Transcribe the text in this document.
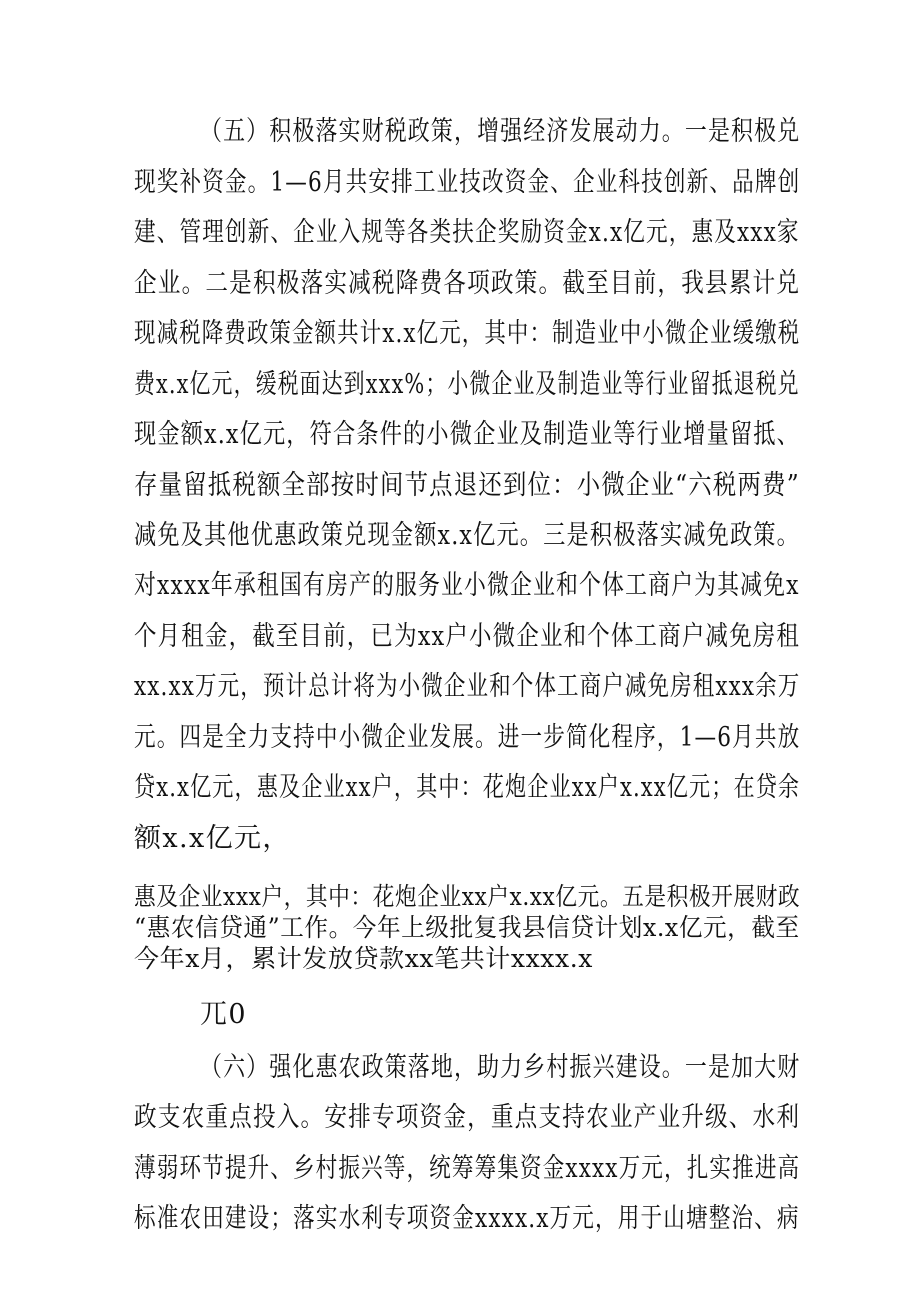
（五）积极落实财税政策，增强经济发展动力。一是积极兑
现奖补资金。1—6月共安排工业技改资金、企业科技创新、品牌创
建、管理创新、企业入规等各类扶企奖励资金x.x亿元，惠及xxx家
企业。二是积极落实减税降费各项政策。截至目前，我县累计兑
现减税降费政策金额共计x.x亿元，其中：制造业中小微企业缓缴税
费x.x亿元，缓税面达到xxx%；小微企业及制造业等行业留抵退税兑
现金额x.x亿元，符合条件的小微企业及制造业等行业增量留抵、
存量留抵税额全部按时间节点退还到位：小微企业“六税两费”
减免及其他优惠政策兑现金额x.x亿元。三是积极落实减免政策。
对xxxx年承租国有房产的服务业小微企业和个体工商户为其减免x
个月租金，截至目前，已为xx户小微企业和个体工商户减免房租
xx.xx万元，预计总计将为小微企业和个体工商户减免房租xxx余万
元。四是全力支持中小微企业发展。进一步简化程序，1—6月共放
贷x.x亿元，惠及企业xx户，其中：花炮企业xx户x.xx亿元；在贷余
额x.x亿元，
惠及企业xxx户，其中：花炮企业xx户x.xx亿元。五是积极开展财政
“惠农信贷通”工作。今年上级批复我县信贷计划x.x亿元，截至
今年x月，累计发放贷款xx笔共计xxxx.x
兀0
（六）强化惠农政策落地，助力乡村振兴建设。一是加大财
政支农重点投入。安排专项资金，重点支持农业产业升级、水利
薄弱环节提升、乡村振兴等，统筹筹集资金xxxx万元，扎实推进高
标准农田建设；落实水利专项资金xxxx.x万元，用于山塘整治、病
